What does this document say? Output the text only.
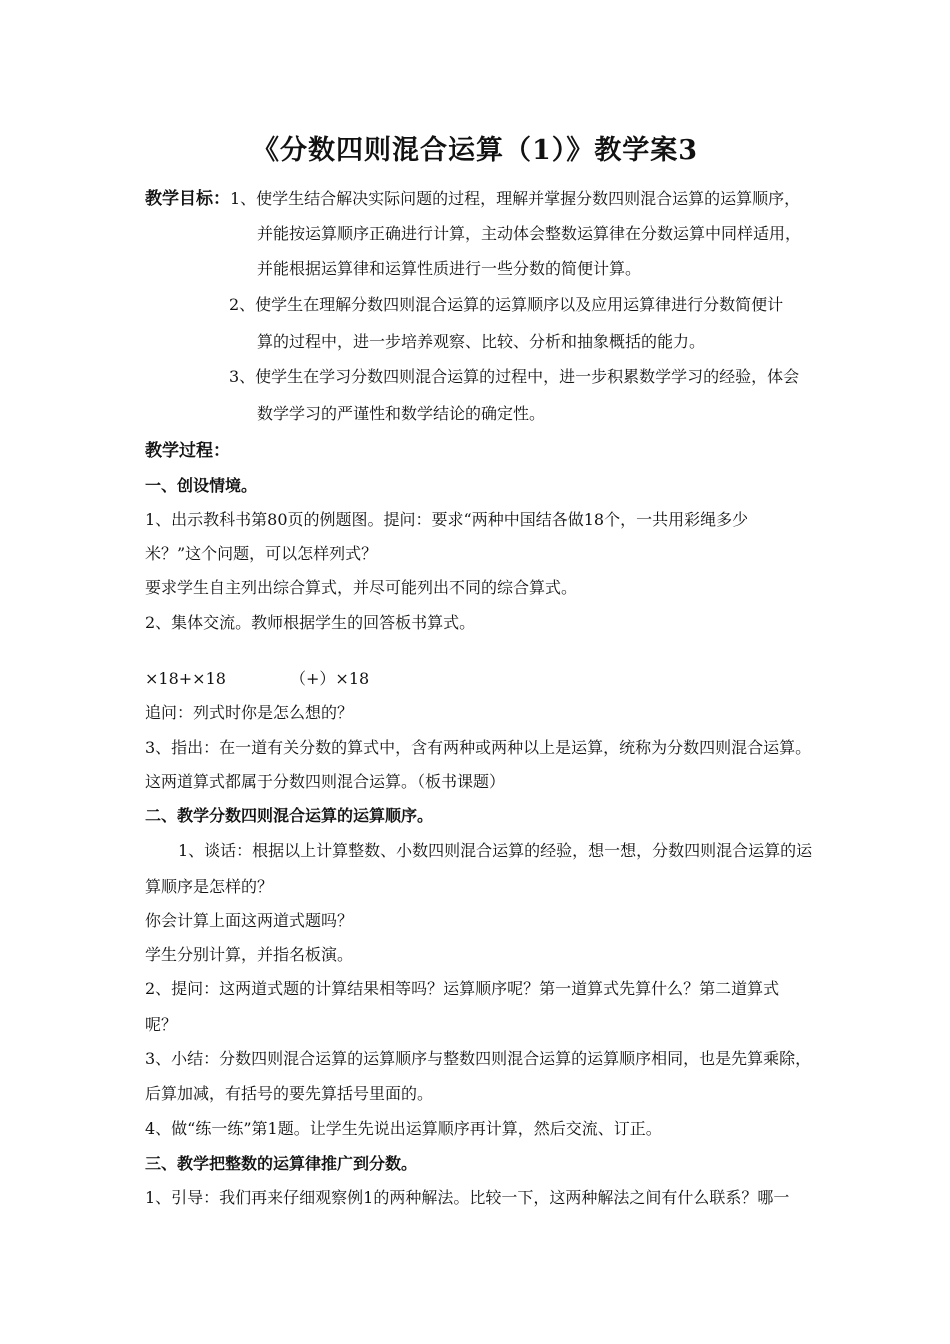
《分数四则混合运算（1）》教学案3
教学目标：1、使学生结合解决实际问题的过程，理解并掌握分数四则混合运算的运算顺序，
并能按运算顺序正确进行计算，主动体会整数运算律在分数运算中同样适用，
并能根据运算律和运算性质进行一些分数的简便计算。
2、使学生在理解分数四则混合运算的运算顺序以及应用运算律进行分数简便计
算的过程中，进一步培养观察、比较、分析和抽象概括的能力。
3、使学生在学习分数四则混合运算的过程中，进一步积累数学学习的经验，体会
数学学习的严谨性和数学结论的确定性。
教学过程：
一、创设情境。
1、出示教科书第80页的例题图。提问：要求“两种中国结各做18个，一共用彩绳多少
米？”这个问题，可以怎样列式？
要求学生自主列出综合算式，并尽可能列出不同的综合算式。
2、集体交流。教师根据学生的回答板书算式。
×18+×18	（+）×18
追问：列式时你是怎么想的？
3、指出：在一道有关分数的算式中，含有两种或两种以上是运算，统称为分数四则混合运算。
这两道算式都属于分数四则混合运算。（板书课题）
二、教学分数四则混合运算的运算顺序。
1、谈话：根据以上计算整数、小数四则混合运算的经验，想一想，分数四则混合运算的运
算顺序是怎样的？
你会计算上面这两道式题吗？
学生分别计算，并指名板演。
2、提问：这两道式题的计算结果相等吗？运算顺序呢？第一道算式先算什么？第二道算式
呢？
3、小结：分数四则混合运算的运算顺序与整数四则混合运算的运算顺序相同，也是先算乘除，
后算加减，有括号的要先算括号里面的。
4、做“练一练”第1题。让学生先说出运算顺序再计算，然后交流、订正。
三、教学把整数的运算律推广到分数。
1、引导：我们再来仔细观察例1的两种解法。比较一下，这两种解法之间有什么联系？哪一
